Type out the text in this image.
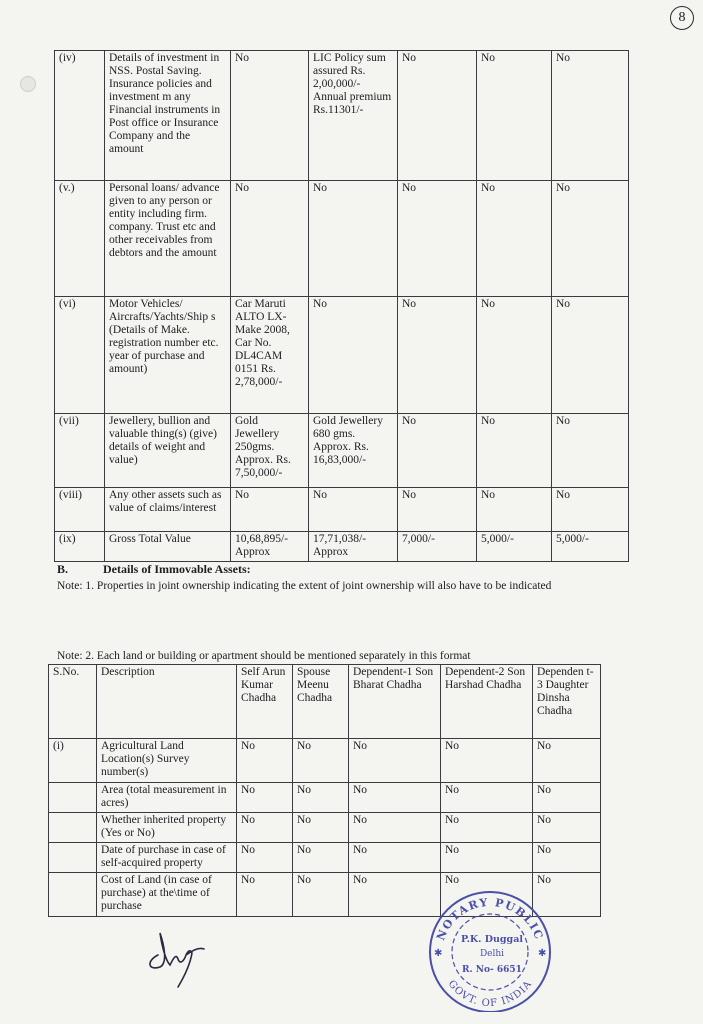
8
(iv)	Details of investment in NSS. Postal Saving. Insurance policies and investment m any Financial instruments in Post office or Insurance Company and the amount	No	LIC Policy sum assured Rs. 2,00,000/- Annual premium Rs.11301/-	No	No	No
(v.)	Personal loans/ advance given to any person or entity including firm. company. Trust etc and other receivables from debtors and the amount	No	No	No	No	No
(vi)	Motor Vehicles/ Aircrafts/Yachts/Ship s (Details of Make. registration number etc. year of purchase and amount)	Car Maruti ALTO LX- Make 2008, Car No. DL4CAM 0151 Rs. 2,78,000/-	No	No	No	No
(vii)	Jewellery, bullion and valuable thing(s) (give) details of weight and value)	Gold Jewellery 250gms. Approx. Rs. 7,50,000/-	Gold Jewellery 680 gms. Approx. Rs. 16,83,000/-	No	No	No
(viii)	Any other assets such as value of claims/interest	No	No	No	No	No
(ix)	Gross Total Value	10,68,895/- Approx	17,71,038/- Approx	7,000/-	5,000/-	5,000/-
B.	Details of Immovable Assets:
Note: 1. Properties in joint ownership indicating the extent of joint ownership will also have to be indicated
Note: 2. Each land or building or apartment should be mentioned separately in this format
S.No.	Description	Self Arun Kumar Chadha	Spouse Meenu Chadha	Dependent-1 Son Bharat Chadha	Dependent-2 Son Harshad Chadha	Dependen t-3 Daughter Dinsha Chadha
(i)	Agricultural Land Location(s) Survey number(s)	No	No	No	No	No
	Area (total measurement in acres)	No	No	No	No	No
	Whether inherited property (Yes or No)	No	No	No	No	No
	Date of purchase in case of self-acquired property	No	No	No	No	No
	Cost of Land (in case of purchase) at the\time of purchase	No	No	No	No	No
NOTARY PUBLIC
GOVT. OF INDIA
P.K. Duggal
Delhi
R. No- 6651
✱	✱
